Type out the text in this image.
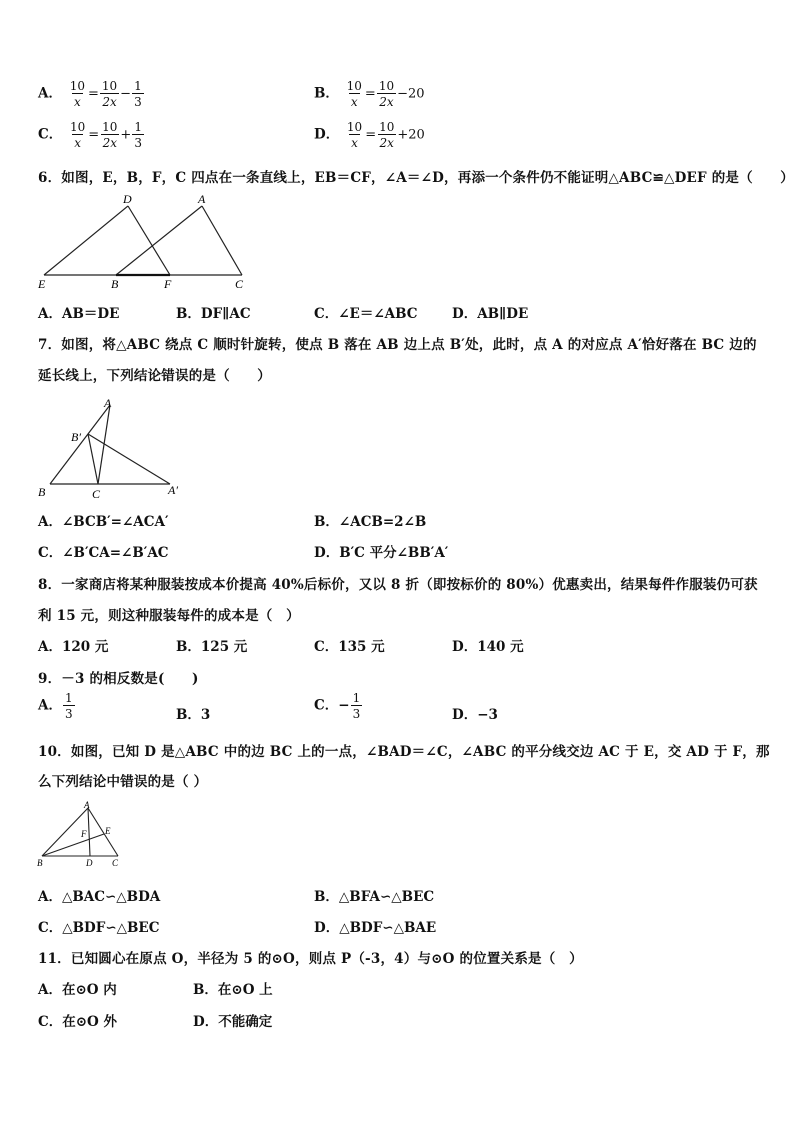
A． $\frac{10}{x} = \frac{10}{2x} - \frac{1}{3}$	B． $\frac{10}{x} = \frac{10}{2x} -20$
C． $\frac{10}{x} = \frac{10}{2x} + \frac{1}{3}$	D． $\frac{10}{x} = \frac{10}{2x} +20$
6．如图，E，B，F，C 四点在一条直线上，EB＝CF，∠A＝∠D，再添一个条件仍不能证明△ABC≌△DEF 的是（　　）
D	A
E	B	F	C
A．AB＝DE	B．DF∥AC	C．∠E＝∠ABC	D．AB∥DE
7．如图，将△ABC 绕点 C 顺时针旋转，使点 B 落在 AB 边上点 B′处，此时，点 A 的对应点 A′恰好落在 BC 边的
延长线上，下列结论错误的是（　　）
A
B′
B	C	A′
A．∠BCB′=∠ACA′	B．∠ACB=2∠B
C．∠B′CA=∠B′AC	D．B′C 平分∠BB′A′
8．一家商店将某种服装按成本价提高 40%后标价，又以 8 折（即按标价的 80%）优惠卖出，结果每件作服装仍可获
利 15 元，则这种服装每件的成本是（　）
A．120 元	B．125 元	C．135 元	D．140 元
9．－3 的相反数是(　　)
A． $\frac{1}{3}$	B．3
C．− $\frac{1}{3}$	D．−3
10．如图，已知 D 是△ABC 中的边 BC 上的一点，∠BAD＝∠C，∠ABC 的平分线交边 AC 于 E，交 AD 于 F，那
么下列结论中错误的是（ ）
A
F E
B	D C
A．△BAC∽△BDA	B．△BFA∽△BEC
C．△BDF∽△BEC	D．△BDF∽△BAE
11．已知圆心在原点 O，半径为 5 的⊙O，则点 P（-3，4）与⊙O 的位置关系是（　）
A．在⊙O 内	B．在⊙O 上
C．在⊙O 外	D．不能确定
